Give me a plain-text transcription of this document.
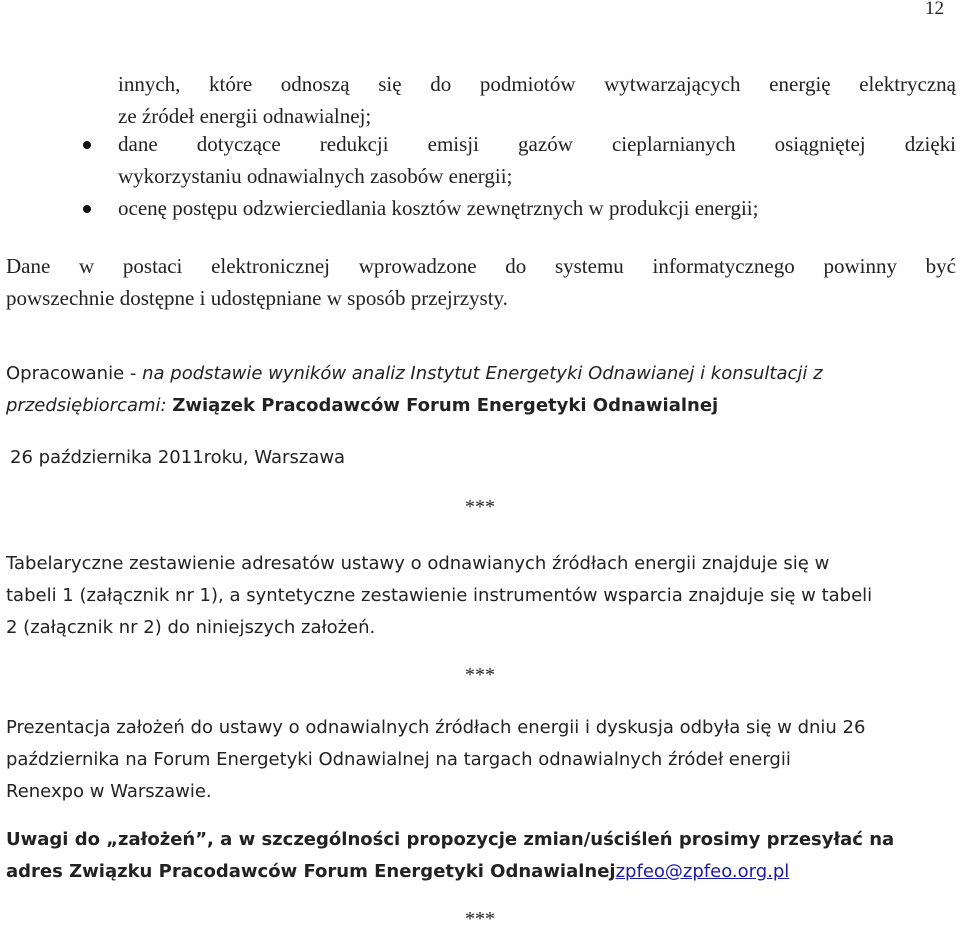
12
innych, które odnoszą się do podmiotów wytwarzających energię elektryczną
ze źródeł energii odnawialnej;
dane dotyczące redukcji emisji gazów cieplarnianych osiągniętej dzięki
wykorzystaniu odnawialnych zasobów energii;
ocenę postępu odzwierciedlania kosztów zewnętrznych w produkcji energii;
Dane w postaci elektronicznej wprowadzone do systemu informatycznego powinny być
powszechnie dostępne i udostępniane w sposób przejrzysty.
Opracowanie - na podstawie wyników analiz Instytut Energetyki Odnawianej i konsultacji z
przedsiębiorcami: Związek Pracodawców Forum Energetyki Odnawialnej
26 października 2011roku, Warszawa
***
Tabelaryczne zestawienie adresatów ustawy o odnawianych źródłach energii znajduje się w
tabeli 1 (załącznik nr 1), a syntetyczne zestawienie instrumentów wsparcia znajduje się w tabeli
2 (załącznik nr 2) do niniejszych założeń.
***
Prezentacja założeń do ustawy o odnawialnych źródłach energii i dyskusja odbyła się w dniu 26
października na Forum Energetyki Odnawialnej na targach odnawialnych źródeł energii
Renexpo w Warszawie.
Uwagi do „założeń”, a w szczególności propozycje zmian/uściśleń prosimy przesyłać na
adres Związku Pracodawców Forum Energetyki Odnawialnejzpfeo@zpfeo.org.pl
***
